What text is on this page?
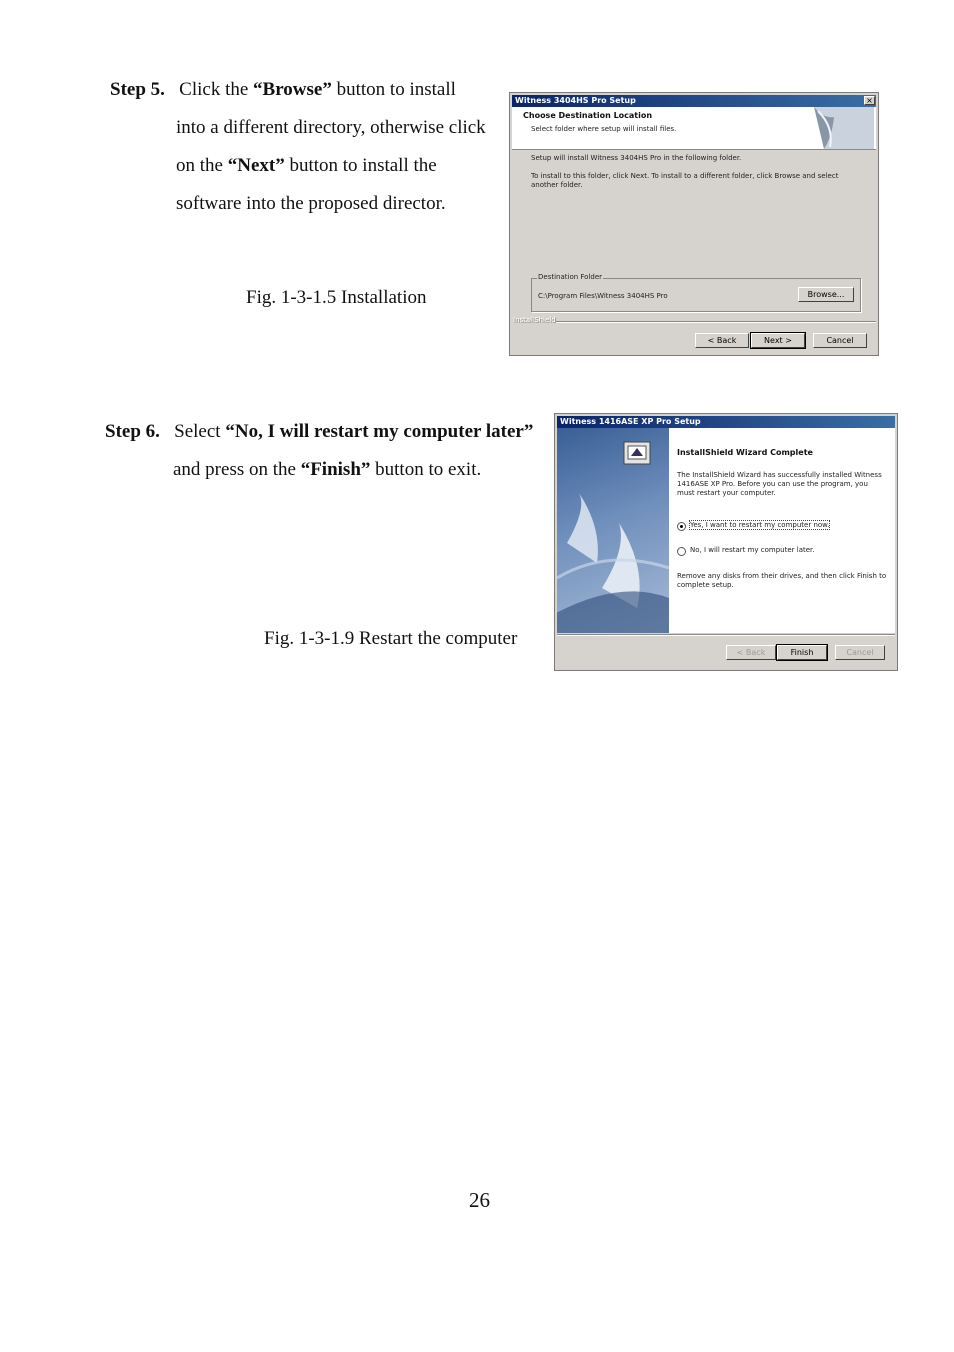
Step 5. Click the “Browse” button to install
into a different directory, otherwise click
on the “Next” button to install the
software into the proposed director.
Fig. 1-3-1.5 Installation
Witness 3404HS Pro Setup	×
Choose Destination Location
Select folder where setup will install files.
Setup will install Witness 3404HS Pro in the following folder.
To install to this folder, click Next. To install to a different folder, click Browse and select another folder.
Destination Folder
C:\Program Files\Witness 3404HS Pro	Browse...
InstallShield
< Back	Next >	Cancel
Step 6. Select “No, I will restart my computer later”
and press on the “Finish” button to exit.
Fig. 1-3-1.9 Restart the computer
Witness 1416ASE XP Pro Setup
InstallShield Wizard Complete
The InstallShield Wizard has successfully installed Witness 1416ASE XP Pro. Before you can use the program, you must restart your computer.
Yes, I want to restart my computer now.
No, I will restart my computer later.
Remove any disks from their drives, and then click Finish to complete setup.
< Back	Finish	Cancel
26
